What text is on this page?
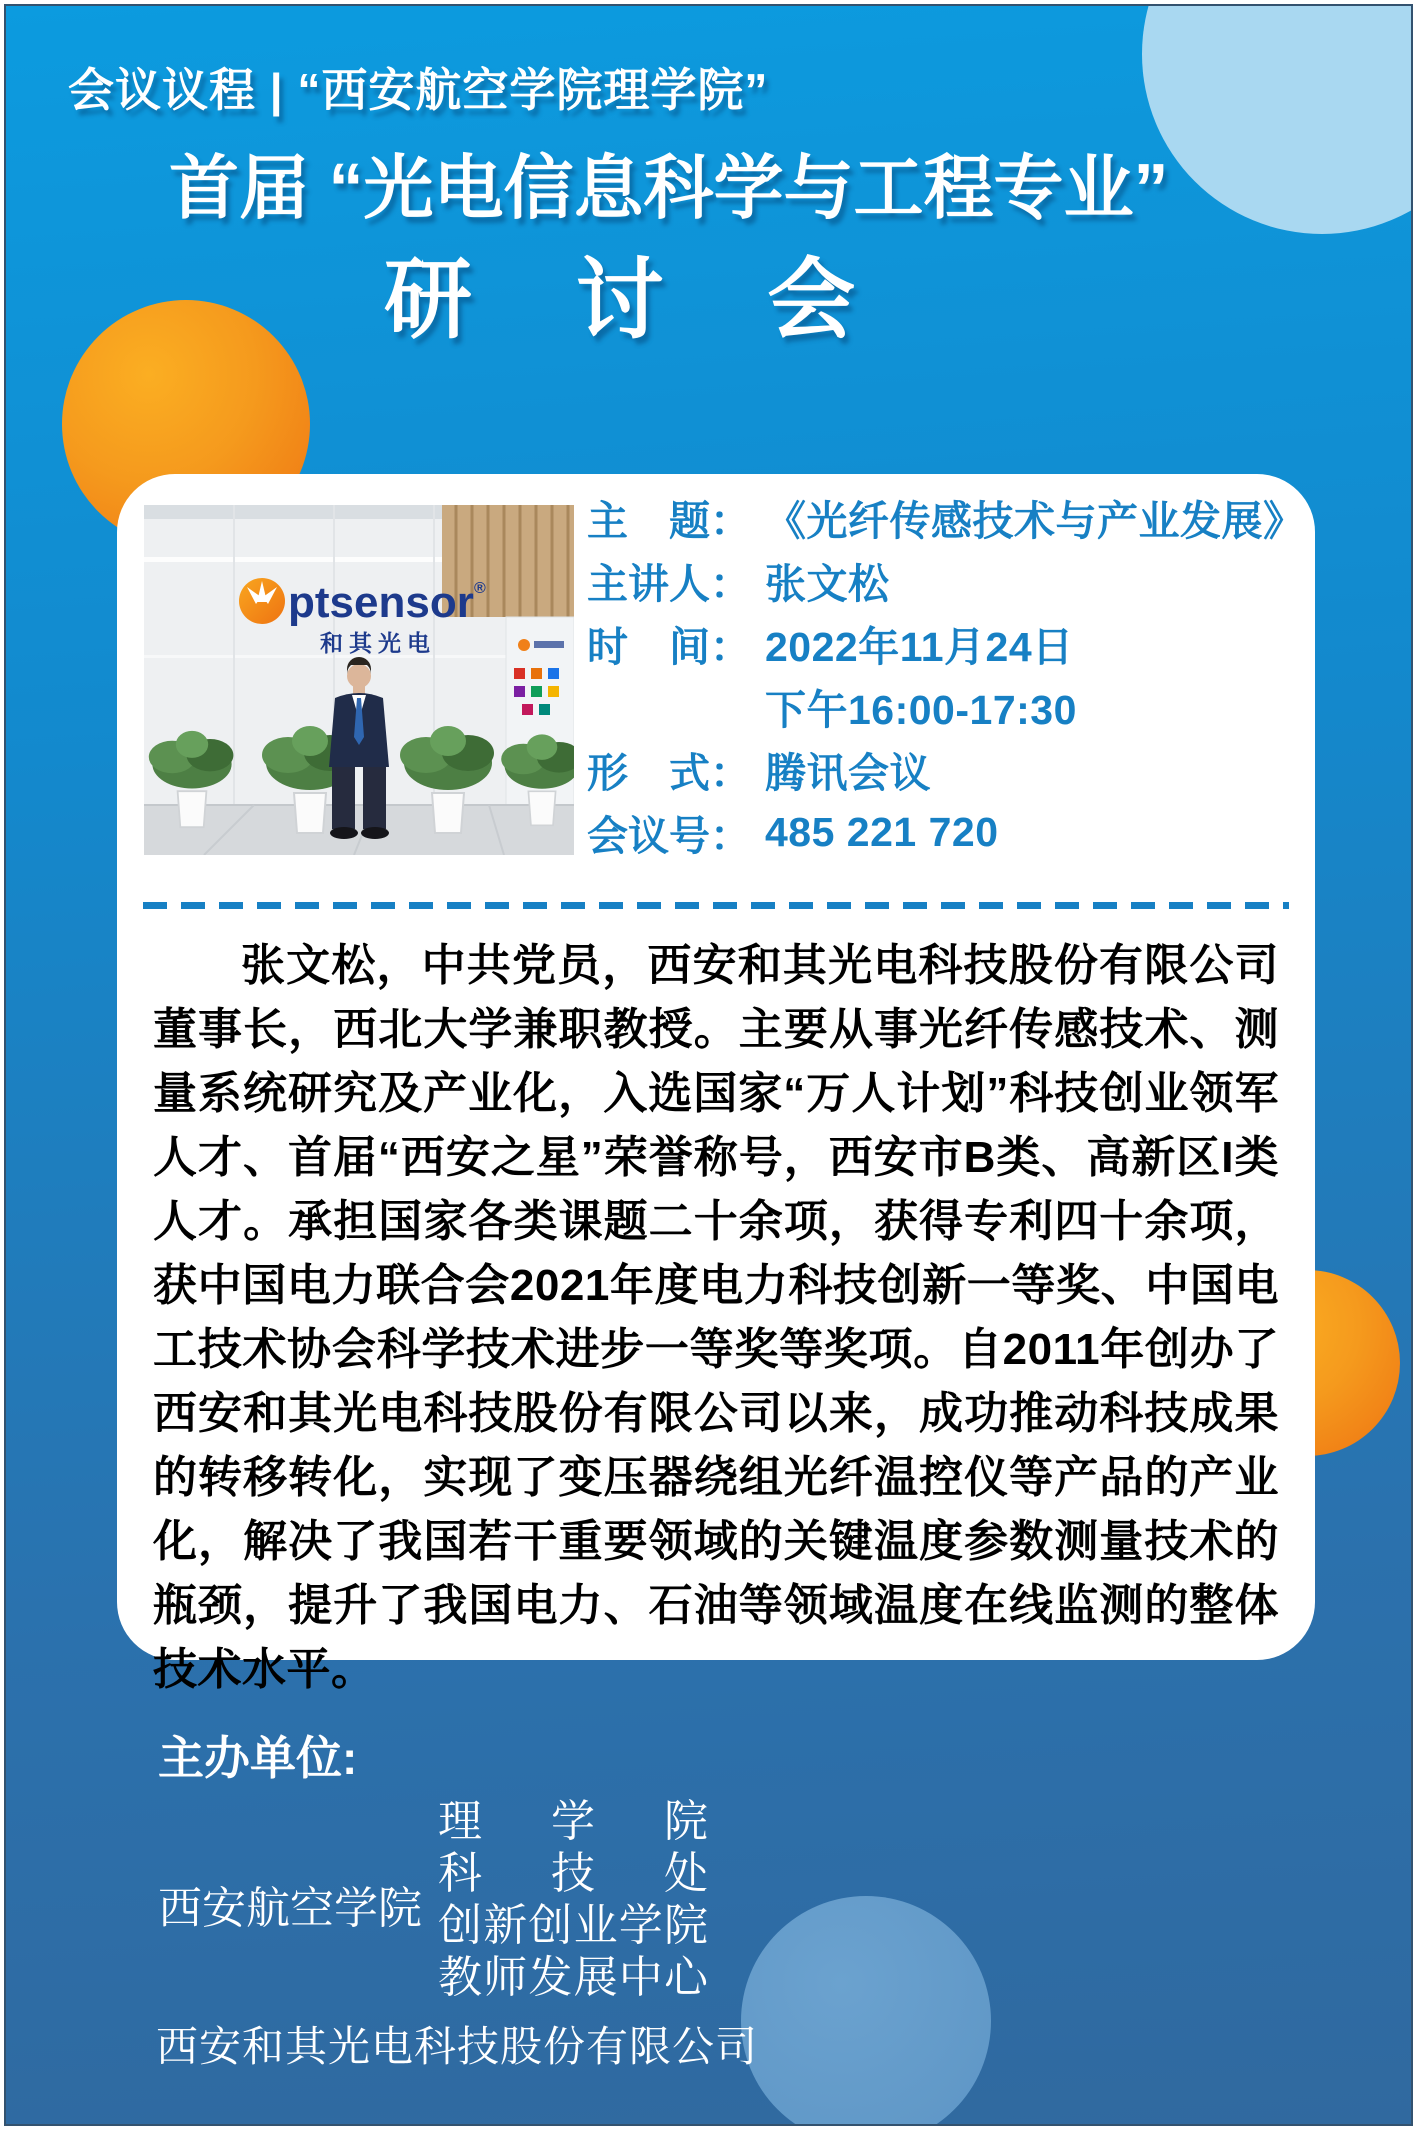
会议议程 | “西安航空学院理学院”
首届 “光电信息科学与工程专业”
研 讨 会
ptsensor ®
和其光电
主　题： 《光纤传感技术与产业发展》
主讲人： 张文松
时　间： 2022年11月24日
下午16:00-17:30
形　式： 腾讯会议
会议号： 485 221 720
张文松，中共党员，西安和其光电科技股份有限公司董事长，西北大学兼职教授。主要从事光纤传感技术、测量系统研究及产业化，入选国家“万人计划”科技创业领军人才、首届“西安之星”荣誉称号，西安市B类、高新区I类人才。承担国家各类课题二十余项，获得专利四十余项，获中国电力联合会2021年度电力科技创新一等奖、中国电工技术协会科学技术进步一等奖等奖项。自2011年创办了西安和其光电科技股份有限公司以来，成功推动科技成果的转移转化，实现了变压器绕组光纤温控仪等产品的产业化，解决了我国若干重要领域的关键温度参数测量技术的瓶颈，提升了我国电力、石油等领域温度在线监测的整体技术水平。
主办单位:
西安航空学院
理学院
科技处
创新创业学院
教师发展中心
西安和其光电科技股份有限公司
